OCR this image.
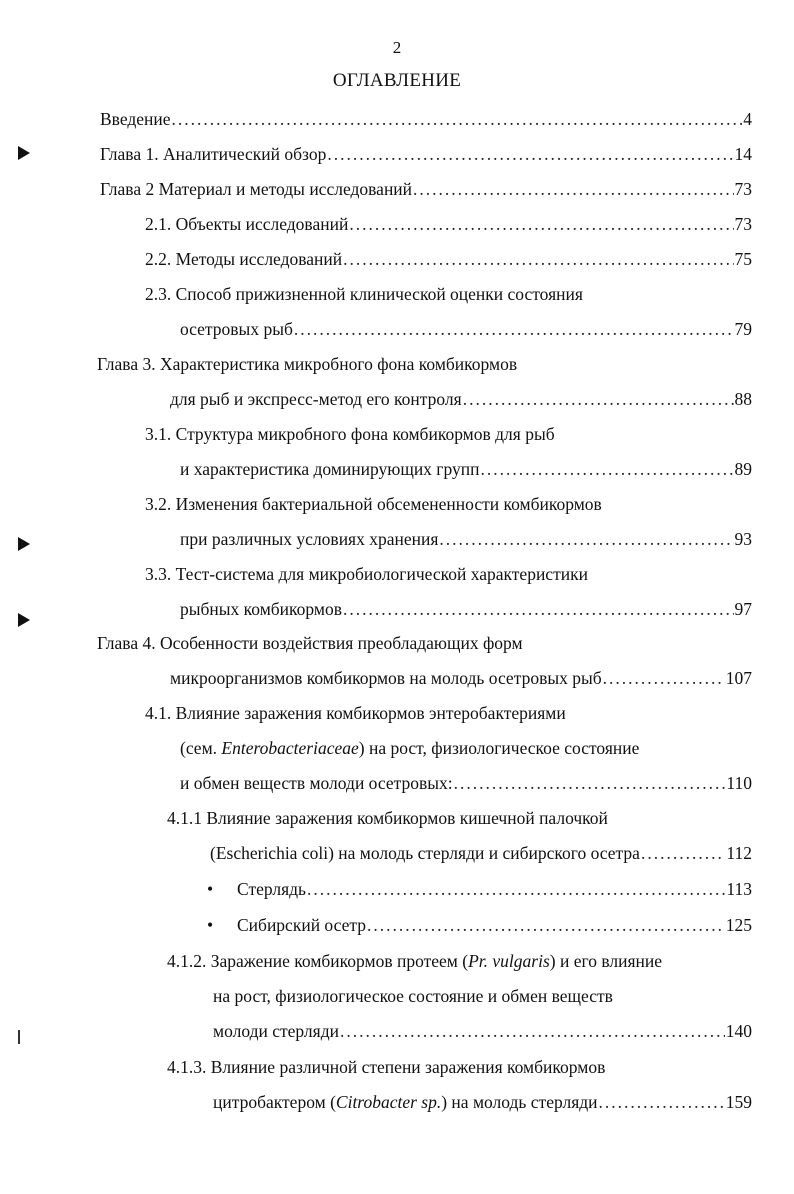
2
ОГЛАВЛЕНИЕ
Введение .....	4
Глава 1. Аналитический обзор .....	14
Глава 2 Материал и методы исследований .....	73
2.1. Объекты исследований .....	73
2.2. Методы исследований .....	75
2.3. Способ прижизненной клинической оценки состояния
осетровых рыб .....	79
Глава 3. Характеристика микробного фона комбикормов
для рыб и экспресс-метод его контроля .....	88
3.1. Структура микробного фона комбикормов для рыб
и характеристика доминирующих групп .....	89
3.2. Изменения бактериальной обсемененности комбикормов
при различных условиях хранения .....	93
3.3. Тест-система для микробиологической характеристики
рыбных комбикормов .....	97
Глава 4. Особенности воздействия преобладающих форм
микроорганизмов комбикормов на молодь осетровых рыб .....	107
4.1. Влияние заражения комбикормов энтеробактериями
(сем. Enterobacteriaceae) на рост, физиологическое состояние
и обмен веществ молоди осетровых: .....	110
4.1.1 Влияние заражения комбикормов кишечной палочкой
(Escherichia coli) на молодь стерляди и сибирского осетра .....	112
• Стерлядь .....	113
• Сибирский осетр .....	125
4.1.2. Заражение комбикормов протеем (Pr. vulgaris) и его влияние
на рост, физиологическое состояние и обмен веществ
молоди стерляди .....	140
4.1.3. Влияние различной степени заражения комбикормов
цитробактером (Citrobacter sp.) на молодь стерляди .....	159
